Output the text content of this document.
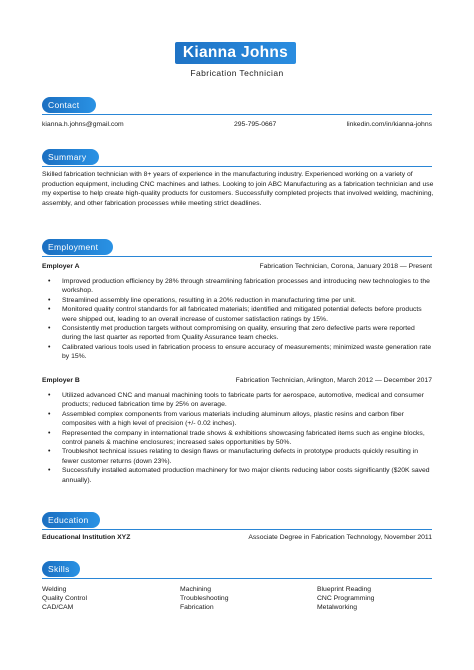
Kianna Johns
Fabrication Technician
Contact
kianna.h.johns@gmail.com	295-795-0667	linkedin.com/in/kianna-johns
Summary
Skilled fabrication technician with 8+ years of experience in the manufacturing industry. Experienced working on a variety of production equipment, including CNC machines and lathes. Looking to join ABC Manufacturing as a fabrication technician and use my expertise to help create high-quality products for customers. Successfully completed projects that involved welding, machining, assembly, and other fabrication processes while meeting strict deadlines.
Employment
Employer A	Fabrication Technician, Corona, January 2018 — Present
• Improved production efficiency by 28% through streamlining fabrication processes and introducing new technologies to the workshop.
• Streamlined assembly line operations, resulting in a 20% reduction in manufacturing time per unit.
• Monitored quality control standards for all fabricated materials; identified and mitigated potential defects before products were shipped out, leading to an overall increase of customer satisfaction ratings by 15%.
• Consistently met production targets without compromising on quality, ensuring that zero defective parts were reported during the last quarter as reported from Quality Assurance team checks.
• Calibrated various tools used in fabrication process to ensure accuracy of measurements; minimized waste generation rate by 15%.
Employer B	Fabrication Technician, Arlington, March 2012 — December 2017
• Utilized advanced CNC and manual machining tools to fabricate parts for aerospace, automotive, medical and consumer products; reduced fabrication time by 25% on average.
• Assembled complex components from various materials including aluminum alloys, plastic resins and carbon fiber composites with a high level of precision (+/- 0.02 inches).
• Represented the company in international trade shows & exhibitions showcasing fabricated items such as engine blocks, control panels & machine enclosures; increased sales opportunities by 50%.
• Troubleshot technical issues relating to design flaws or manufacturing defects in prototype products quickly resulting in fewer customer returns (down 23%).
• Successfully installed automated production machinery for two major clients reducing labor costs significantly ($20K saved annually).
Education
Educational Institution XYZ	Associate Degree in Fabrication Technology, November 2011
Skills
Welding	Machining	Blueprint Reading
Quality Control	Troubleshooting	CNC Programming
CAD/CAM	Fabrication	Metalworking
